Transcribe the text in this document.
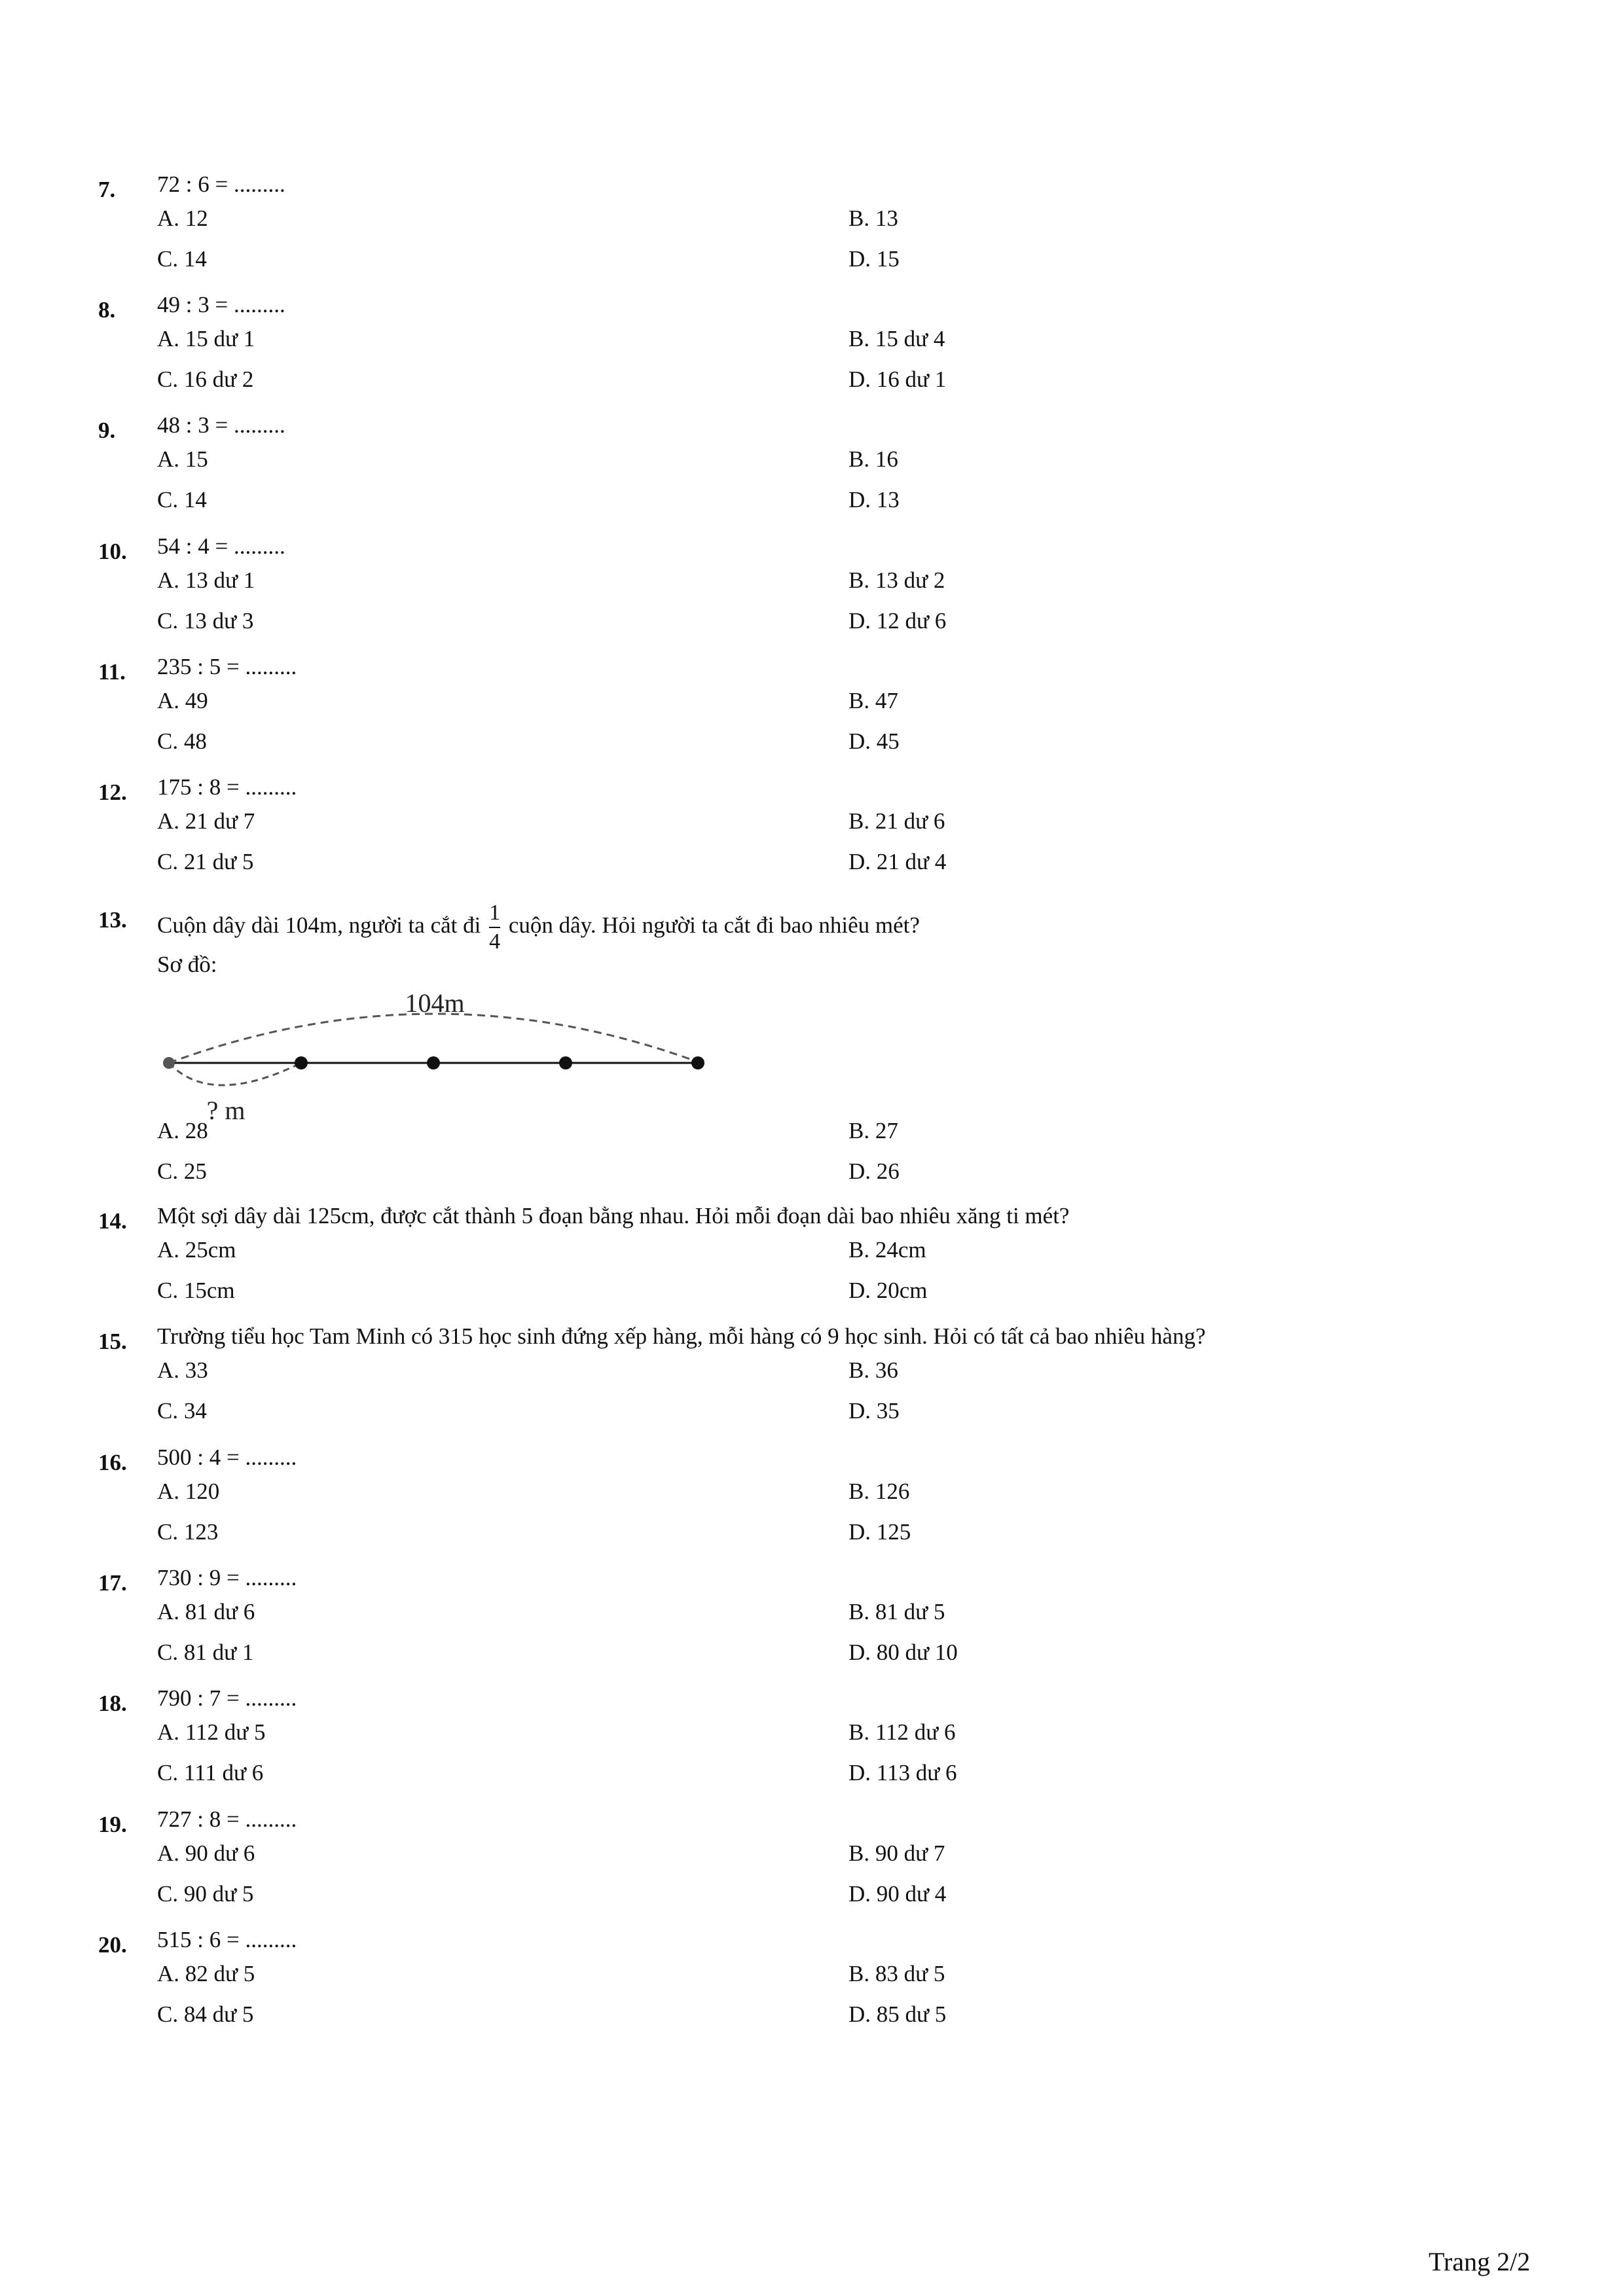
7. 72 : 6 = .........
A. 12	B. 13
C. 14	D. 15
8. 49 : 3 = .........
A. 15 dư 1	B. 15 dư 4
C. 16 dư 2	D. 16 dư 1
9. 48 : 3 = .........
A. 15	B. 16
C. 14	D. 13
10. 54 : 4 = .........
A. 13 dư 1	B. 13 dư 2
C. 13 dư 3	D. 12 dư 6
11. 235 : 5 = .........
A. 49	B. 47
C. 48	D. 45
12. 175 : 8 = .........
A. 21 dư 7	B. 21 dư 6
C. 21 dư 5	D. 21 dư 4
13. Cuộn dây dài 104m, người ta cắt đi $\frac{1}{4}$ cuộn dây. Hỏi người ta cắt đi bao nhiêu mét?
Sơ đồ:
A. 28	B. 27
C. 25	D. 26
104m
? m
14. Một sợi dây dài 125cm, được cắt thành 5 đoạn bằng nhau. Hỏi mỗi đoạn dài bao nhiêu xăng ti mét?
A. 25cm	B. 24cm
C. 15cm	D. 20cm
15. Trường tiểu học Tam Minh có 315 học sinh đứng xếp hàng, mỗi hàng có 9 học sinh. Hỏi có tất cả bao nhiêu hàng?
A. 33	B. 36
C. 34	D. 35
16. 500 : 4 = .........
A. 120	B. 126
C. 123	D. 125
17. 730 : 9 = .........
A. 81 dư 6	B. 81 dư 5
C. 81 dư 1	D. 80 dư 10
18. 790 : 7 = .........
A. 112 dư 5	B. 112 dư 6
C. 111 dư 6	D. 113 dư 6
19. 727 : 8 = .........
A. 90 dư 6	B. 90 dư 7
C. 90 dư 5	D. 90 dư 4
20. 515 : 6 = .........
A. 82 dư 5	B. 83 dư 5
C. 84 dư 5	D. 85 dư 5
Trang 2/2
